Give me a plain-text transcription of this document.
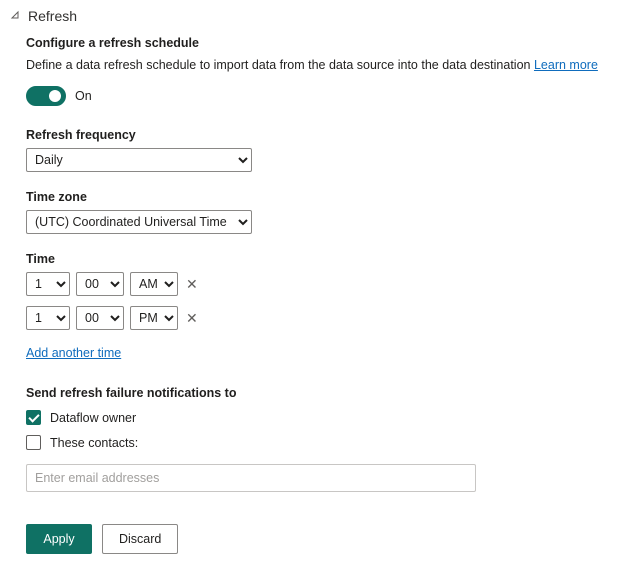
Refresh
Configure a refresh schedule
Define a data refresh schedule to import data from the data source into the data destination Learn more
On
Refresh frequency
Daily
Time zone
(UTC) Coordinated Universal Time
Time
1
00
AM
✕
1
00
PM
✕
Add another time
Send refresh failure notifications to
Dataflow owner
These contacts:
Enter email addresses
Apply	Discard
